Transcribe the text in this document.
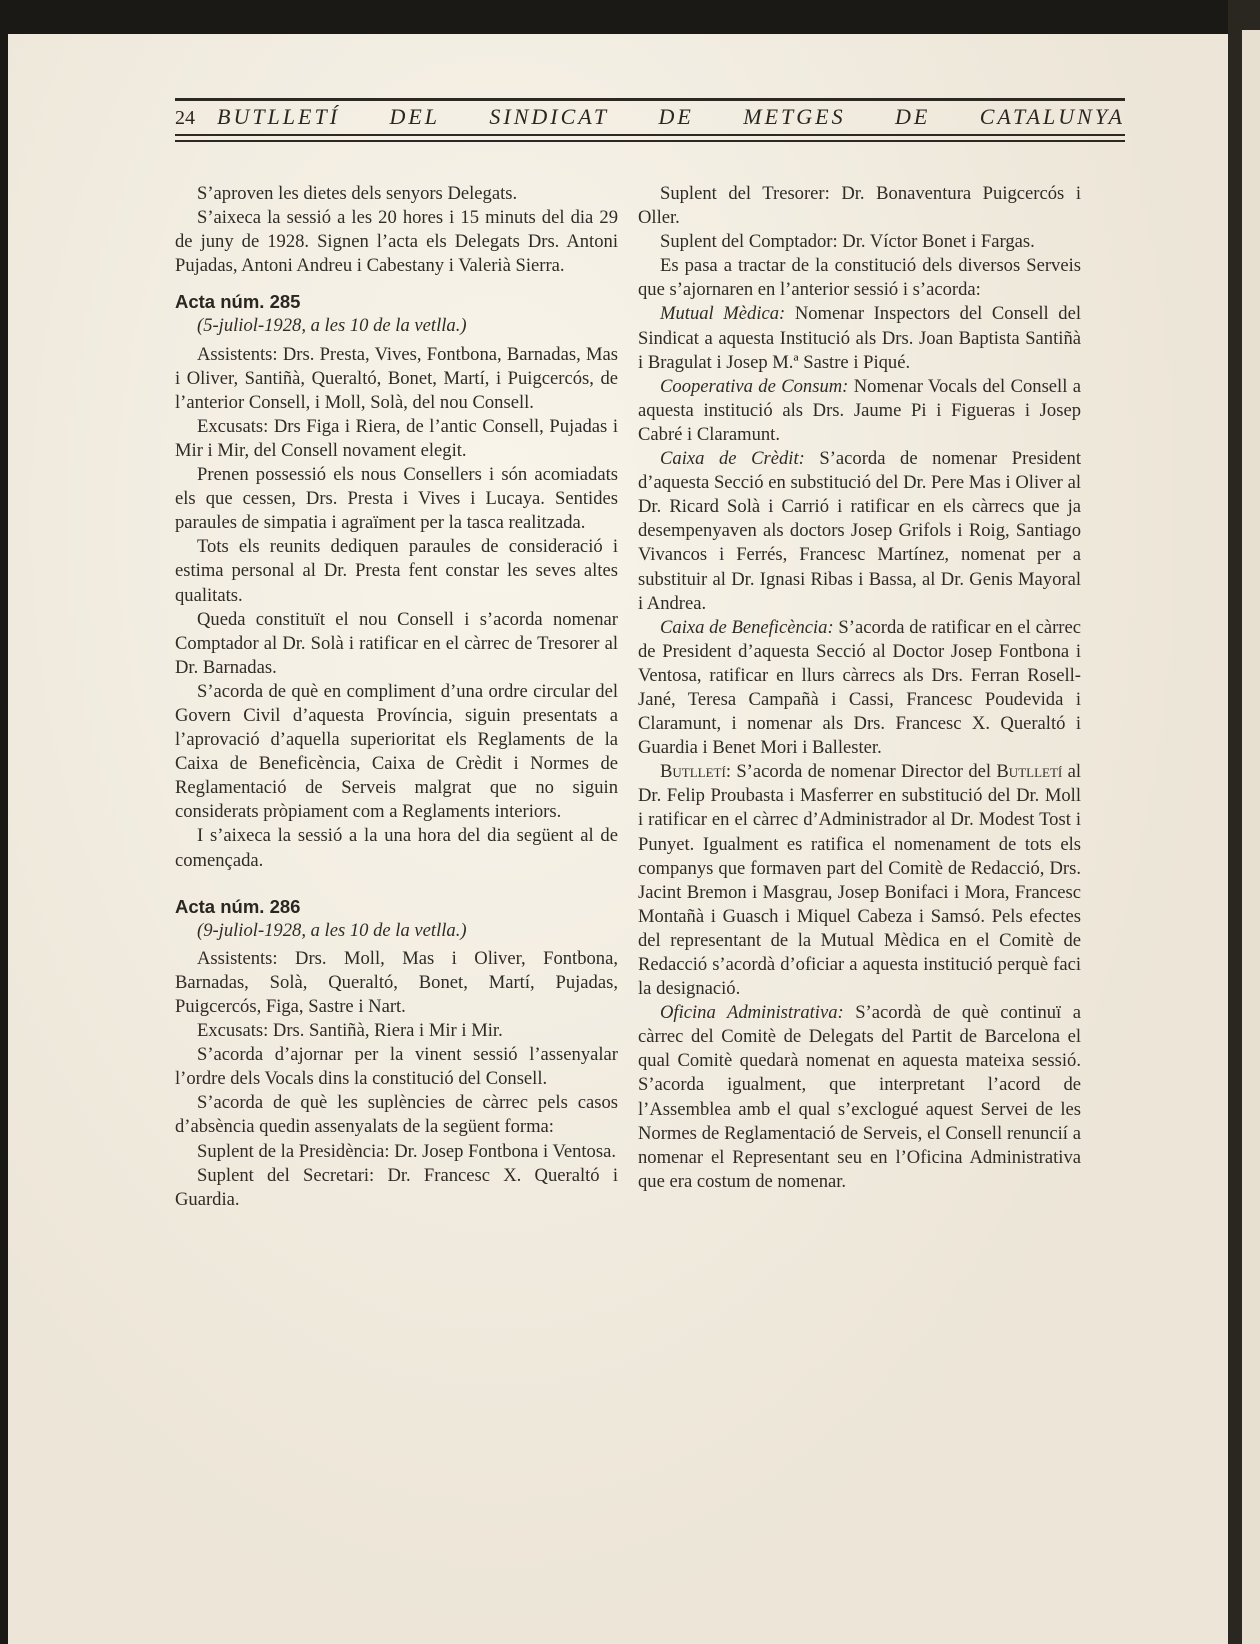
24 BUTLLETÍ DEL SINDICAT DE METGES DE CATALUNYA

S’aproven les dietes dels senyors Delegats.

S’aixeca la sessió a les 20 hores i 15 minuts del dia 29 de juny de 1928. Signen l’acta els Delegats Drs. Antoni Pujadas, Antoni Andreu i Cabestany i Valerià Sierra.

Acta núm. 285

(5-juliol-1928, a les 10 de la vetlla.)

Assistents: Drs. Presta, Vives, Fontbona, Barnadas, Mas i Oliver, Santiñà, Queraltó, Bonet, Martí, i Puigcercós, de l’anterior Consell, i Moll, Solà, del nou Consell.

Excusats: Drs Figa i Riera, de l’antic Consell, Pujadas i Mir i Mir, del Consell novament elegit.

Prenen possessió els nous Consellers i són acomiadats els que cessen, Drs. Presta i Vives i Lucaya. Sentides paraules de simpatia i agraïment per la tasca realitzada.

Tots els reunits dediquen paraules de consideració i estima personal al Dr. Presta fent constar les seves altes qualitats.

Queda constituït el nou Consell i s’acorda nomenar Comptador al Dr. Solà i ratificar en el càrrec de Tresorer al Dr. Barnadas.

S’acorda de què en compliment d’una ordre circular del Govern Civil d’aquesta Província, siguin presentats a l’aprovació d’aquella superioritat els Reglaments de la Caixa de Beneficència, Caixa de Crèdit i Normes de Reglamentació de Serveis malgrat que no siguin considerats pròpiament com a Reglaments interiors.

I s’aixeca la sessió a la una hora del dia següent al de començada.

Acta núm. 286

(9-juliol-1928, a les 10 de la vetlla.)

Assistents: Drs. Moll, Mas i Oliver, Fontbona, Barnadas, Solà, Queraltó, Bonet, Martí, Pujadas, Puigcercós, Figa, Sastre i Nart.

Excusats: Drs. Santiñà, Riera i Mir i Mir.

S’acorda d’ajornar per la vinent sessió l’assenyalar l’ordre dels Vocals dins la constitució del Consell.

S’acorda de què les suplències de càrrec pels casos d’absència quedin assenyalats de la següent forma:

Suplent de la Presidència: Dr. Josep Fontbona i Ventosa.

Suplent del Secretari: Dr. Francesc X. Queraltó i Guardia.

Suplent del Tresorer: Dr. Bonaventura Puigcercós i Oller.

Suplent del Comptador: Dr. Víctor Bonet i Fargas.

Es pasa a tractar de la constitució dels diversos Serveis que s’ajornaren en l’anterior sessió i s’acorda:

Mutual Mèdica: Nomenar Inspectors del Consell del Sindicat a aquesta Institució als Drs. Joan Baptista Santiñà i Bragulat i Josep M.ª Sastre i Piqué.

Cooperativa de Consum: Nomenar Vocals del Consell a aquesta institució als Drs. Jaume Pi i Figueras i Josep Cabré i Claramunt.

Caixa de Crèdit: S’acorda de nomenar President d’aquesta Secció en substitució del Dr. Pere Mas i Oliver al Dr. Ricard Solà i Carrió i ratificar en els càrrecs que ja desempenyaven als doctors Josep Grifols i Roig, Santiago Vivancos i Ferrés, Francesc Martínez, nomenat per a substituir al Dr. Ignasi Ribas i Bassa, al Dr. Genis Mayoral i Andrea.

Caixa de Beneficència: S’acorda de ratificar en el càrrec de President d’aquesta Secció al Doctor Josep Fontbona i Ventosa, ratificar en llurs càrrecs als Drs. Ferran Rosell-Jané, Teresa Campañà i Cassi, Francesc Poudevida i Claramunt, i nomenar als Drs. Francesc X. Queraltó i Guardia i Benet Mori i Ballester.

Butlletí: S’acorda de nomenar Director del Butlletí al Dr. Felip Proubasta i Masferrer en substitució del Dr. Moll i ratificar en el càrrec d’Administrador al Dr. Modest Tost i Punyet. Igualment es ratifica el nomenament de tots els companys que formaven part del Comitè de Redacció, Drs. Jacint Bremon i Masgrau, Josep Bonifaci i Mora, Francesc Montañà i Guasch i Miquel Cabeza i Samsó. Pels efectes del representant de la Mutual Mèdica en el Comitè de Redacció s’acordà d’oficiar a aquesta institució perquè faci la designació.

Oficina Administrativa: S’acordà de què continuï a càrrec del Comitè de Delegats del Partit de Barcelona el qual Comitè quedarà nomenat en aquesta mateixa sessió. S’acorda igualment, que interpretant l’acord de l’Assemblea amb el qual s’exclogué aquest Servei de les Normes de Reglamentació de Serveis, el Consell renuncií a nomenar el Representant seu en l’Oficina Administrativa que era costum de nomenar.
